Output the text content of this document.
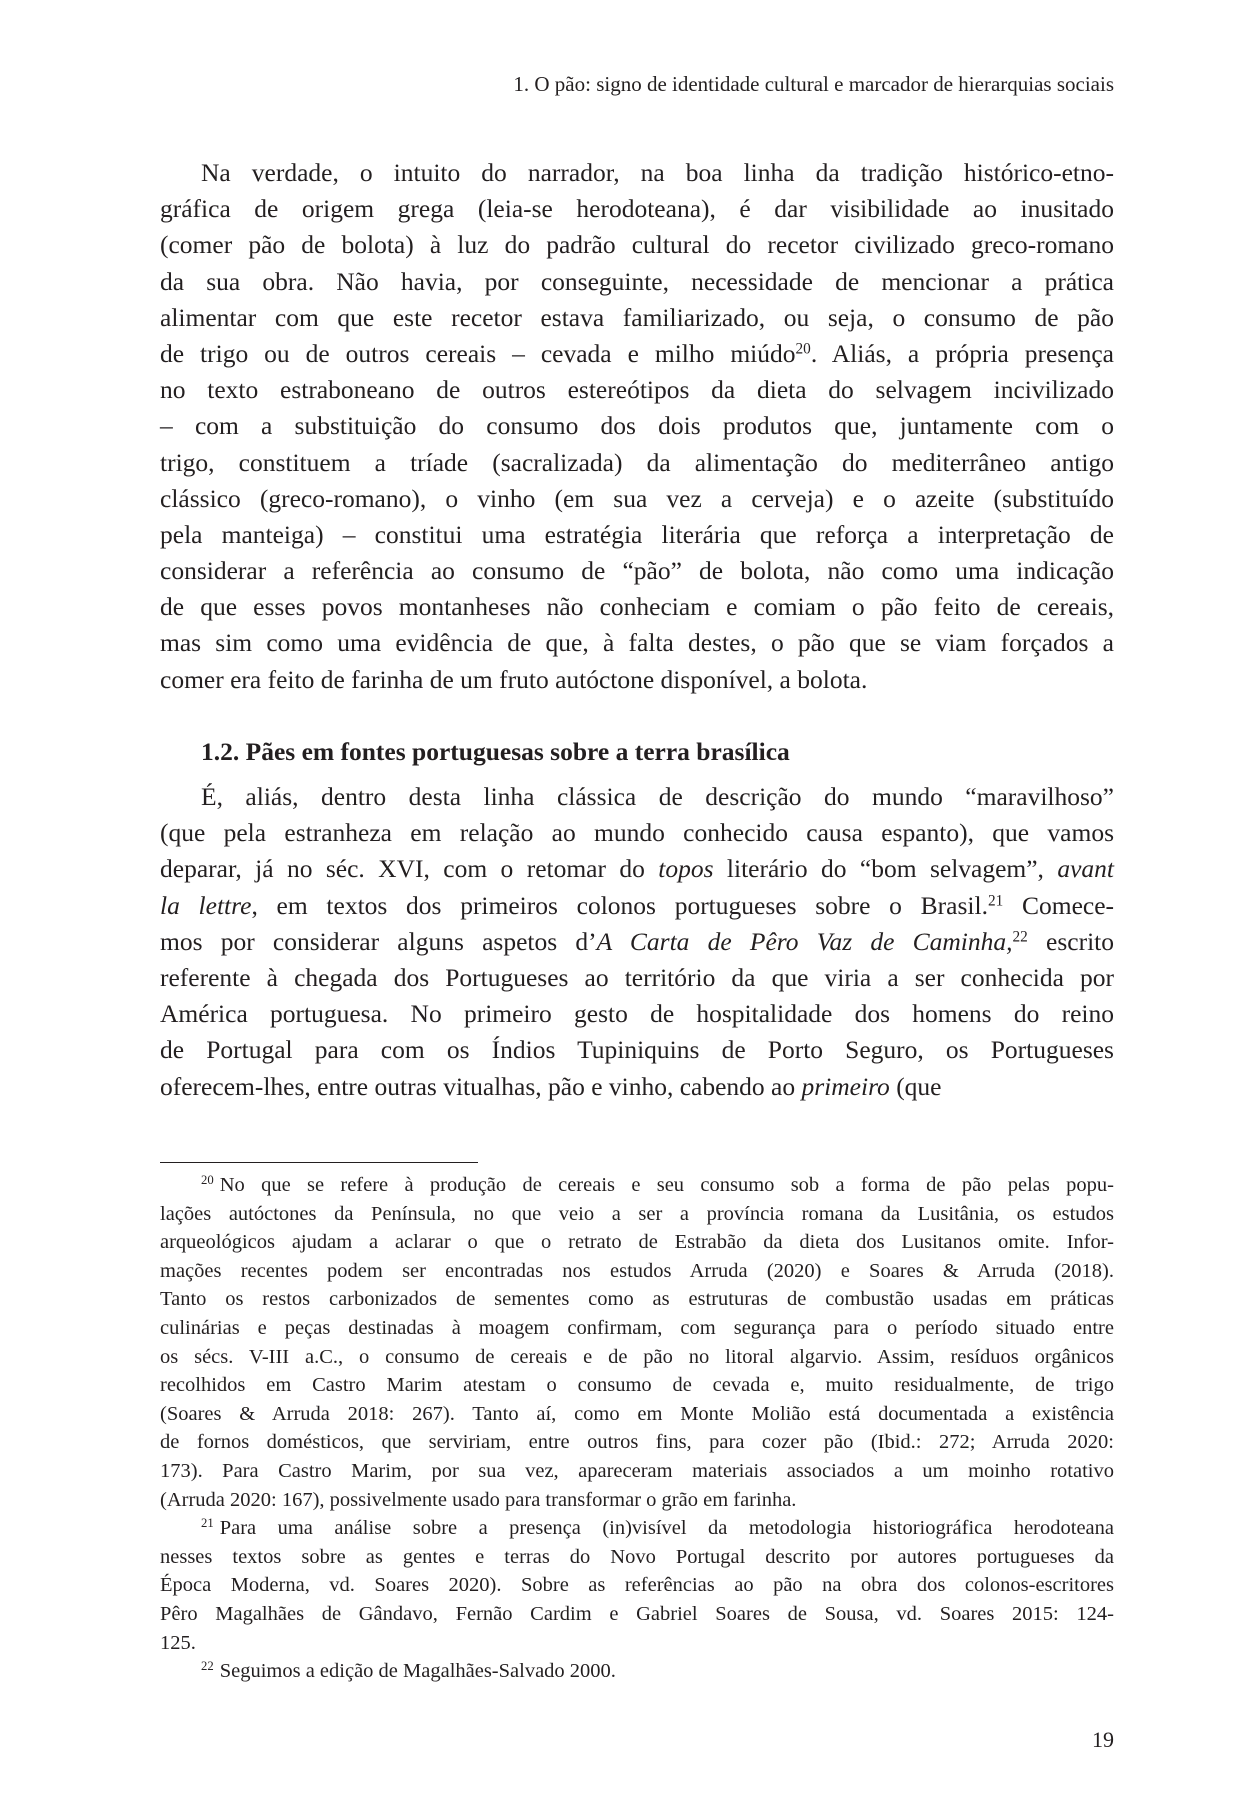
1. O pão: signo de identidade cultural e marcador de hierarquias sociais
Na verdade, o intuito do narrador, na boa linha da tradição histórico-etno-
gráfica de origem grega (leia-se herodoteana), é dar visibilidade ao inusitado
(comer pão de bolota) à luz do padrão cultural do recetor civilizado greco-romano
da sua obra. Não havia, por conseguinte, necessidade de mencionar a prática
alimentar com que este recetor estava familiarizado, ou seja, o consumo de pão
de trigo ou de outros cereais – cevada e milho miúdo$^{20}$. Aliás, a própria presença
no texto estraboneano de outros estereótipos da dieta do selvagem incivilizado
– com a substituição do consumo dos dois produtos que, juntamente com o
trigo, constituem a tríade (sacralizada) da alimentação do mediterrâneo antigo
clássico (greco-romano), o vinho (em sua vez a cerveja) e o azeite (substituído
pela manteiga) – constitui uma estratégia literária que reforça a interpretação de
considerar a referência ao consumo de “pão” de bolota, não como uma indicação
de que esses povos montanheses não conheciam e comiam o pão feito de cereais,
mas sim como uma evidência de que, à falta destes, o pão que se viam forçados a
comer era feito de farinha de um fruto autóctone disponível, a bolota.
1.2. Pães em fontes portuguesas sobre a terra brasílica
É, aliás, dentro desta linha clássica de descrição do mundo “maravilhoso”
(que pela estranheza em relação ao mundo conhecido causa espanto), que vamos
deparar, já no séc. XVI, com o retomar do topos literário do “bom selvagem”, avant
la lettre, em textos dos primeiros colonos portugueses sobre o Brasil.$^{21}$ Comece-
mos por considerar alguns aspetos d’A Carta de Pêro Vaz de Caminha,$^{22}$ escrito
referente à chegada dos Portugueses ao território da que viria a ser conhecida por
América portuguesa. No primeiro gesto de hospitalidade dos homens do reino
de Portugal para com os Índios Tupiniquins de Porto Seguro, os Portugueses
oferecem-lhes, entre outras vitualhas, pão e vinho, cabendo ao primeiro (que
$^{20}$ No que se refere à produção de cereais e seu consumo sob a forma de pão pelas popu-
lações autóctones da Península, no que veio a ser a província romana da Lusitânia, os estudos
arqueológicos ajudam a aclarar o que o retrato de Estrabão da dieta dos Lusitanos omite. Infor-
mações recentes podem ser encontradas nos estudos Arruda (2020) e Soares & Arruda (2018).
Tanto os restos carbonizados de sementes como as estruturas de combustão usadas em práticas
culinárias e peças destinadas à moagem confirmam, com segurança para o período situado entre
os sécs. V-III a.C., o consumo de cereais e de pão no litoral algarvio. Assim, resíduos orgânicos
recolhidos em Castro Marim atestam o consumo de cevada e, muito residualmente, de trigo
(Soares & Arruda 2018: 267). Tanto aí, como em Monte Molião está documentada a existência
de fornos domésticos, que serviriam, entre outros fins, para cozer pão (Ibid.: 272; Arruda 2020:
173). Para Castro Marim, por sua vez, apareceram materiais associados a um moinho rotativo
(Arruda 2020: 167), possivelmente usado para transformar o grão em farinha.
$^{21}$ Para uma análise sobre a presença (in)visível da metodologia historiográfica herodoteana
nesses textos sobre as gentes e terras do Novo Portugal descrito por autores portugueses da
Época Moderna, vd. Soares 2020). Sobre as referências ao pão na obra dos colonos-escritores
Pêro Magalhães de Gândavo, Fernão Cardim e Gabriel Soares de Sousa, vd. Soares 2015: 124-
125.
$^{22}$ Seguimos a edição de Magalhães-Salvado 2000.
19
